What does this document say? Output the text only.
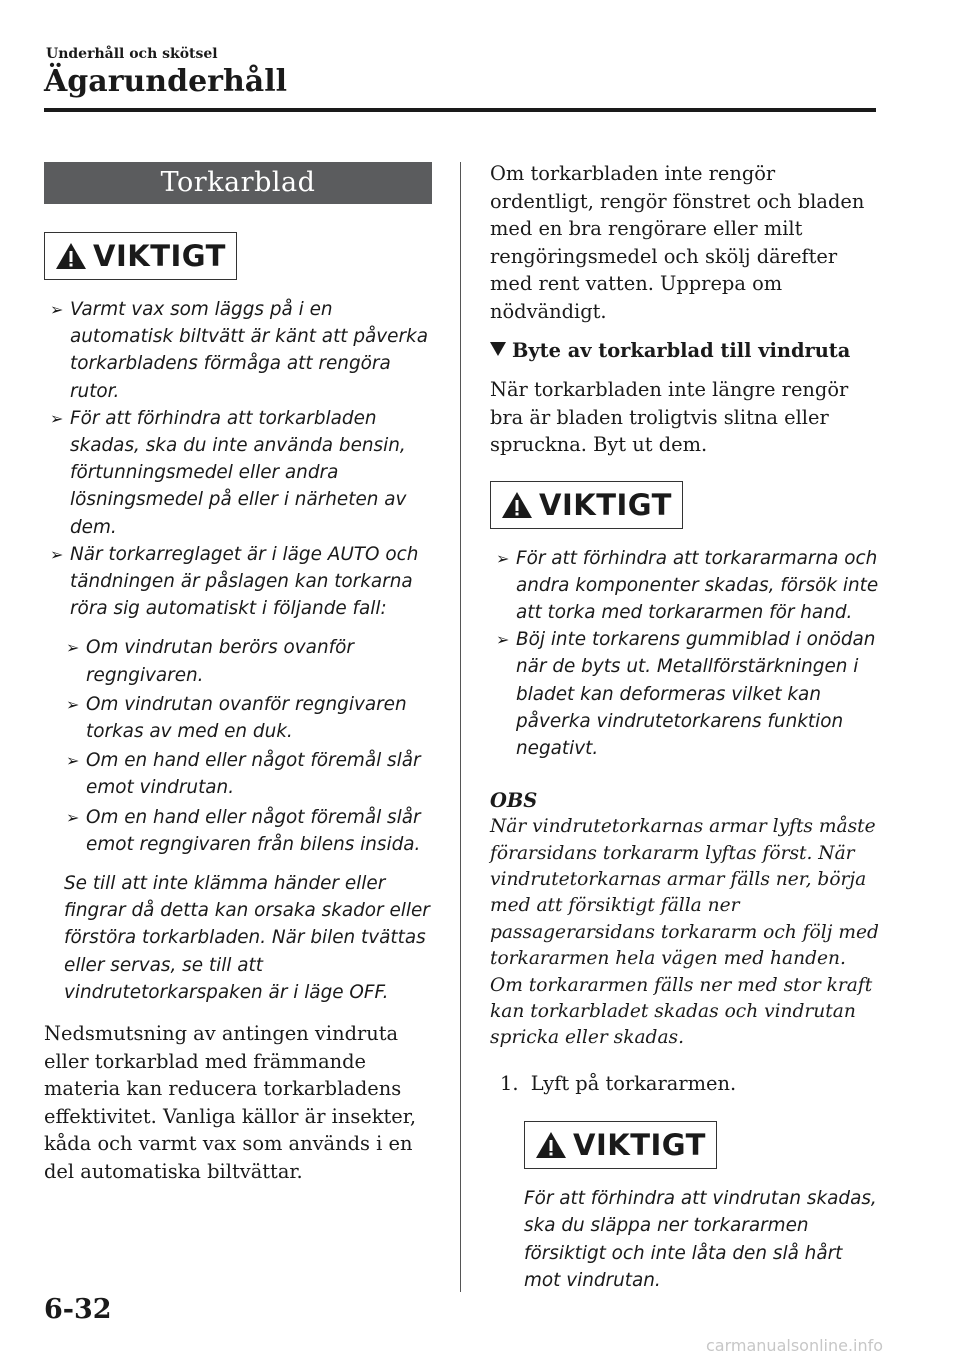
Underhåll och skötsel
Ägarunderhåll
Torkarblad
VIKTIGT
➢ Varmt vax som läggs på i en automatisk biltvätt är känt att påverka torkarbladens förmåga att rengöra rutor.
➢ För att förhindra att torkarbladen skadas, ska du inte använda bensin, förtunningsmedel eller andra lösningsmedel på eller i närheten av dem.
➢ När torkarreglaget är i läge AUTO och tändningen är påslagen kan torkarna röra sig automatiskt i följande fall:
➢ Om vindrutan berörs ovanför regngivaren.
➢ Om vindrutan ovanför regngivaren torkas av med en duk.
➢ Om en hand eller något föremål slår emot vindrutan.
➢ Om en hand eller något föremål slår emot regngivaren från bilens insida.
Se till att inte klämma händer eller fingrar då detta kan orsaka skador eller förstöra torkarbladen. När bilen tvättas eller servas, se till att vindrutetorkarspaken är i läge OFF.
Nedsmutsning av antingen vindruta eller torkarblad med främmande materia kan reducera torkarbladens effektivitet. Vanliga källor är insekter, kåda och varmt vax som används i en del automatiska biltvättar.
Om torkarbladen inte rengör ordentligt, rengör fönstret och bladen med en bra rengörare eller milt rengöringsmedel och skölj därefter med rent vatten. Upprepa om nödvändigt.
Byte av torkarblad till vindruta
När torkarbladen inte längre rengör bra är bladen troligtvis slitna eller spruckna. Byt ut dem.
VIKTIGT
➢ För att förhindra att torkararmarna och andra komponenter skadas, försök inte att torka med torkararmen för hand.
➢ Böj inte torkarens gummiblad i onödan när de byts ut. Metallförstärkningen i bladet kan deformeras vilket kan påverka vindrutetorkarens funktion negativt.
OBS
När vindrutetorkarnas armar lyfts måste förarsidans torkararm lyftas först. När vindrutetorkarnas armar fälls ner, börja med att försiktigt fälla ner passagerarsidans torkararm och följ med torkararmen hela vägen med handen. Om torkararmen fälls ner med stor kraft kan torkarbladet skadas och vindrutan spricka eller skadas.
1. Lyft på torkararmen.
VIKTIGT
För att förhindra att vindrutan skadas, ska du släppa ner torkararmen försiktigt och inte låta den slå hårt mot vindrutan.
6-32
carmanualsonline.info
